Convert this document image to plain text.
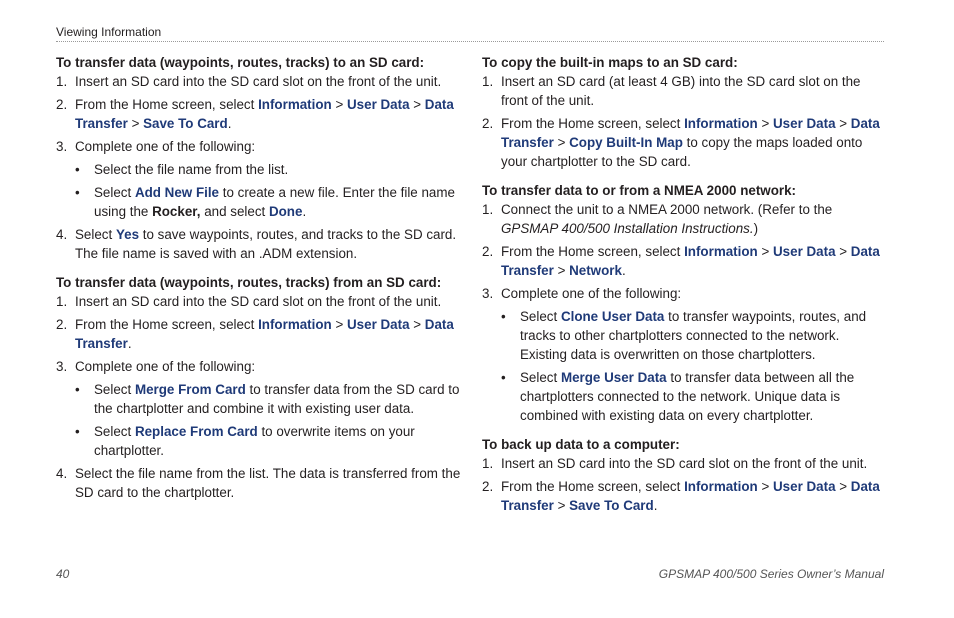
Viewing Information

To transfer data (waypoints, routes, tracks) to an SD card:

1. Insert an SD card into the SD card slot on the front of the unit.
2. From the Home screen, select Information > User Data > Data Transfer > Save To Card.
3. Complete one of the following:
• Select the file name from the list.
• Select Add New File to create a new file. Enter the file name using the Rocker, and select Done.
4. Select Yes to save waypoints, routes, and tracks to the SD card. The file name is saved with an .ADM extension.

To transfer data (waypoints, routes, tracks) from an SD card:

1. Insert an SD card into the SD card slot on the front of the unit.
2. From the Home screen, select Information > User Data > Data Transfer.
3. Complete one of the following:
• Select Merge From Card to transfer data from the SD card to the chartplotter and combine it with existing user data.
• Select Replace From Card to overwrite items on your chartplotter.
4. Select the file name from the list. The data is transferred from the SD card to the chartplotter.

To copy the built-in maps to an SD card:

1. Insert an SD card (at least 4 GB) into the SD card slot on the front of the unit.
2. From the Home screen, select Information > User Data > Data Transfer > Copy Built-In Map to copy the maps loaded onto your chartplotter to the SD card.

To transfer data to or from a NMEA 2000 network:

1. Connect the unit to a NMEA 2000 network. (Refer to the GPSMAP 400/500 Installation Instructions.)
2. From the Home screen, select Information > User Data > Data Transfer > Network.
3. Complete one of the following:
• Select Clone User Data to transfer waypoints, routes, and tracks to other chartplotters connected to the network. Existing data is overwritten on those chartplotters.
• Select Merge User Data to transfer data between all the chartplotters connected to the network. Unique data is combined with existing data on every chartplotter.

To back up data to a computer:

1. Insert an SD card into the SD card slot on the front of the unit.
2. From the Home screen, select Information > User Data > Data Transfer > Save To Card.
40	GPSMAP 400/500 Series Owner’s Manual
